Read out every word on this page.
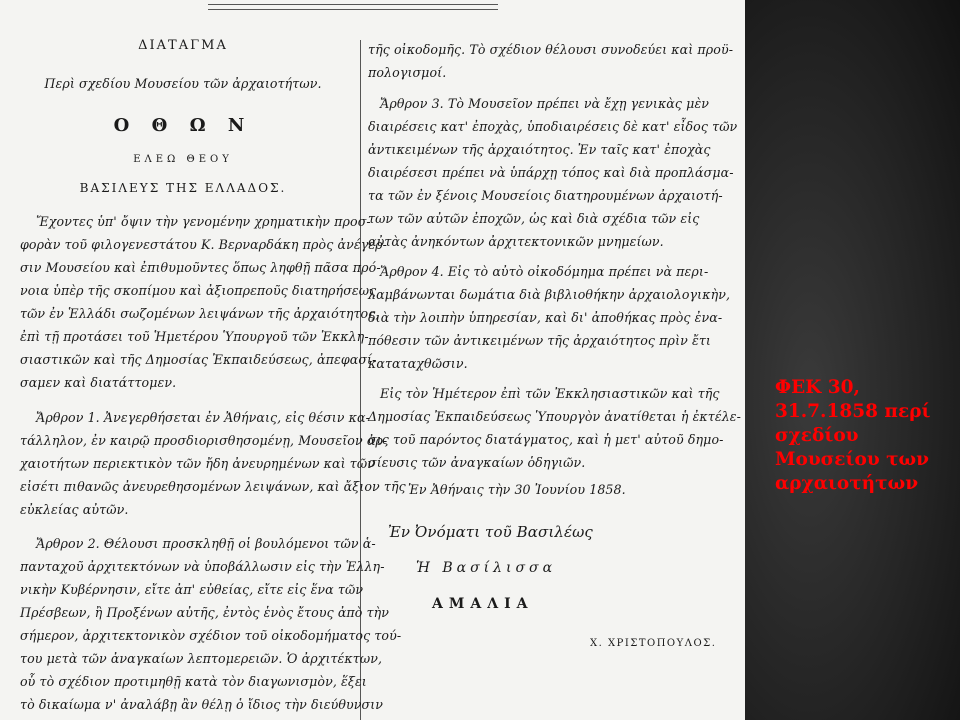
ΔΙΑΤΑΓΜΑ
Περὶ σχεδίου Μουσείου τῶν ἀρχαιοτήτων.
Ο Θ Ω Ν
ΕΛΕΩ ΘΕΟΥ
ΒΑΣΙΛΕΥΣ ΤΗΣ ΕΛΛΑΔΟΣ.
Ἔχοντες ὑπ' ὄψιν τὴν γενομένην χρηματικὴν προσ-
φορὰν τοῦ φιλογενεστάτου Κ. Βερναρδάκη πρὸς ἀνέγερ-
σιν Μουσείου καὶ ἐπιθυμοῦντες ὅπως ληφθῇ πᾶσα πρό-
νοια ὑπὲρ τῆς σκοπίμου καὶ ἀξιοπρεποῦς διατηρήσεως
τῶν ἐν Ἑλλάδι σωζομένων λειψάνων τῆς ἀρχαιότητος,
ἐπὶ τῇ προτάσει τοῦ Ἡμετέρου Ὑπουργοῦ τῶν Ἐκκλη-
σιαστικῶν καὶ τῆς Δημοσίας Ἐκπαιδεύσεως, ἀπεφασί-
σαμεν καὶ διατάττομεν.
Ἄρθρον 1. Ἀνεγερθήσεται ἐν Ἀθήναις, εἰς θέσιν κα-
τάλληλον, ἐν καιρῷ προσδιορισθησομένῃ, Μουσεῖον ἀρ-
χαιοτήτων περιεκτικὸν τῶν ἤδη ἀνευρημένων καὶ τῶν
εἰσέτι πιθανῶς ἀνευρεθησομένων λειψάνων, καὶ ἄξιον τῆς
εὐκλείας αὐτῶν.
Ἄρθρον 2. Θέλουσι προσκληθῇ οἱ βουλόμενοι τῶν ἁ-
πανταχοῦ ἀρχιτεκτόνων νὰ ὑποβάλλωσιν εἰς τὴν Ἑλλη-
νικὴν Κυβέρνησιν, εἴτε ἀπ' εὐθείας, εἴτε εἰς ἕνα τῶν
Πρέσβεων, ἢ Προξένων αὐτῆς, ἐντὸς ἑνὸς ἔτους ἀπὸ τὴν
σήμερον, ἀρχιτεκτονικὸν σχέδιον τοῦ οἰκοδομήματος τού-
του μετὰ τῶν ἀναγκαίων λεπτομερειῶν. Ὁ ἀρχιτέκτων,
οὗ τὸ σχέδιον προτιμηθῇ κατὰ τὸν διαγωνισμὸν, ἕξει
τὸ δικαίωμα ν' ἀναλάβῃ ἂν θέλῃ ὁ ἴδιος τὴν διεύθυνσιν
τῆς οἰκοδομῆς. Τὸ σχέδιον θέλουσι συνοδεύει καὶ προϋ-
πολογισμοί.
Ἄρθρον 3. Τὸ Μουσεῖον πρέπει νὰ ἔχῃ γενικὰς μὲν
διαιρέσεις κατ' ἐποχὰς, ὑποδιαιρέσεις δὲ κατ' εἶδος τῶν
ἀντικειμένων τῆς ἀρχαιότητος. Ἐν ταῖς κατ' ἐποχὰς
διαιρέσεσι πρέπει νὰ ὑπάρχῃ τόπος καὶ διὰ προπλάσμα-
τα τῶν ἐν ξένοις Μουσείοις διατηρουμένων ἀρχαιοτή-
των τῶν αὐτῶν ἐποχῶν, ὡς καὶ διὰ σχέδια τῶν εἰς
αὐτὰς ἀνηκόντων ἀρχιτεκτονικῶν μνημείων.
Ἄρθρον 4. Εἰς τὸ αὐτὸ οἰκοδόμημα πρέπει νὰ περι-
λαμβάνωνται δωμάτια διὰ βιβλιοθήκην ἀρχαιολογικὴν,
διὰ τὴν λοιπὴν ὑπηρεσίαν, καὶ δι' ἀποθήκας πρὸς ἐνα-
πόθεσιν τῶν ἀντικειμένων τῆς ἀρχαιότητος πρὶν ἔτι
καταταχθῶσιν.
Εἰς τὸν Ἡμέτερον ἐπὶ τῶν Ἐκκλησιαστικῶν καὶ τῆς
Δημοσίας Ἐκπαιδεύσεως Ὑπουργὸν ἀνατίθεται ἡ ἐκτέλε-
σις τοῦ παρόντος διατάγματος, καὶ ἡ μετ' αὐτοῦ δημο-
σίευσις τῶν ἀναγκαίων ὁδηγιῶν.
Ἐν Ἀθήναις τὴν 30 Ἰουνίου 1858.
Ἐν Ὀνόματι τοῦ Βασιλέως
Ἡ Βασίλισσα
ΑΜΑΛΙΑ
Χ. ΧΡΙΣΤΟΠΟΥΛΟΣ.
ΦΕΚ 30,
31.7.1858 περί
σχεδίου
Μουσείου των
αρχαιοτήτων
